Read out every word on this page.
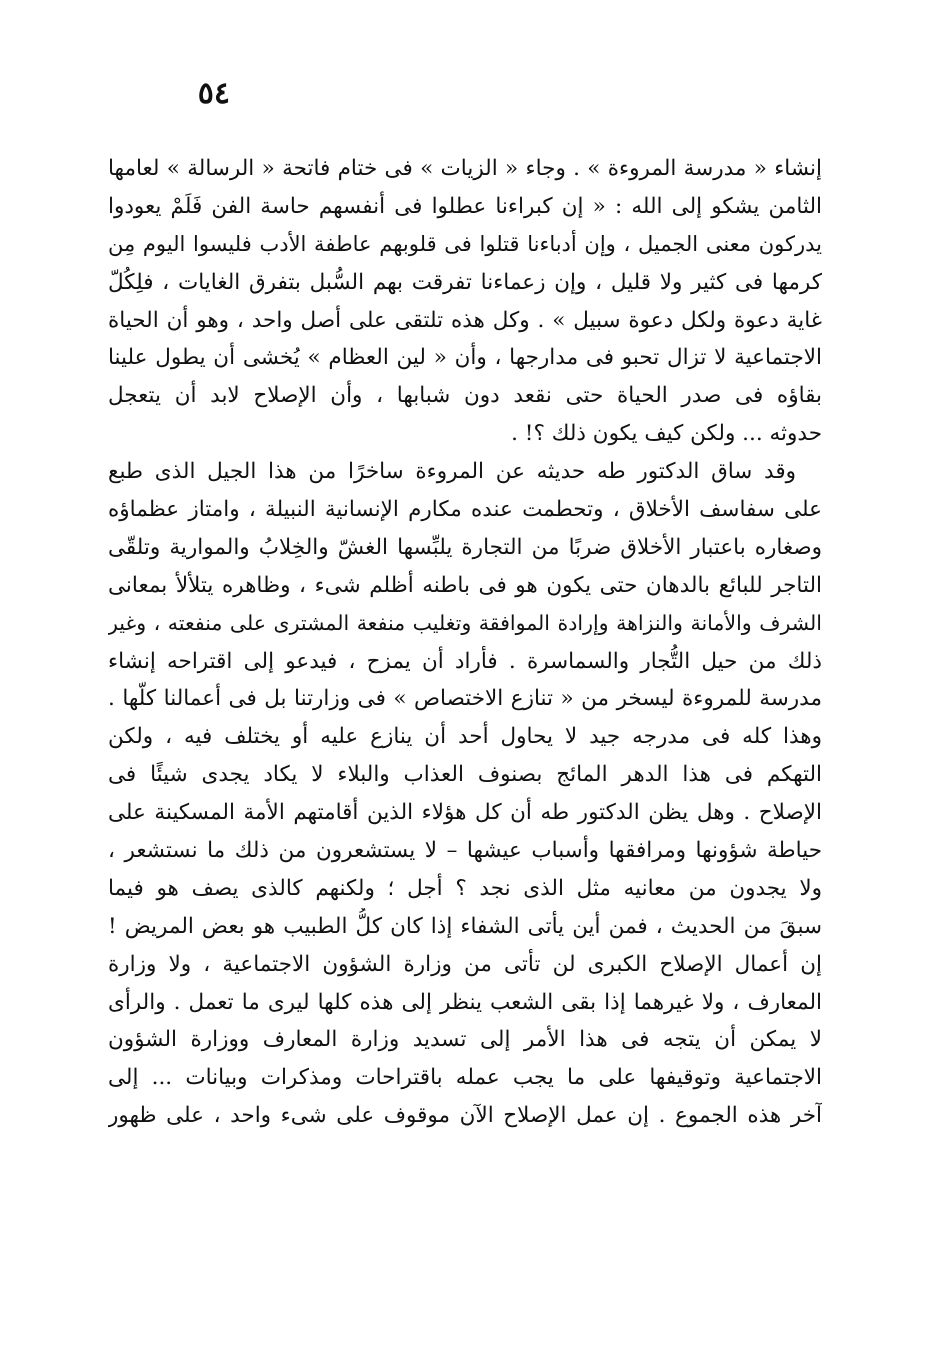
٥٤
إنشاء « مدرسة المروءة » . وجاء « الزيات » فى ختام فاتحة « الرسالة » لعامها
الثامن يشكو إلى الله : « إن كبراءنا عطلوا فى أنفسهم حاسة الفن فَلَمْ يعودوا
يدركون معنى الجميل ، وإن أدباءنا قتلوا فى قلوبهم عاطفة الأدب فليسوا اليوم مِن
كرمها فى كثير ولا قليل ، وإن زعماءنا تفرقت بهم السُّبل بتفرق الغايات ، فلِكُلّ
غاية دعوة ولكل دعوة سبيل » . وكل هذه تلتقى على أصل واحد ، وهو أن الحياة
الاجتماعية لا تزال تحبو فى مدارجها ، وأن « لين العظام » يُخشى أن يطول علينا
بقاؤه فى صدر الحياة حتى نقعد دون شبابها ، وأن الإصلاح لابد أن يتعجل
حدوثه ... ولكن كيف يكون ذلك ؟! .
وقد ساق الدكتور طه حديثه عن المروءة ساخرًا من هذا الجيل الذى طبع
على سفاسف الأخلاق ، وتحطمت عنده مكارم الإنسانية النبيلة ، وامتاز عظماؤه
وصغاره باعتبار الأخلاق ضربًا من التجارة يلبِّسها الغشّ والخِلابُ والموارية وتلقّى
التاجر للبائع بالدهان حتى يكون هو فى باطنه أظلم شىء ، وظاهره يتلألأ بمعانى
الشرف والأمانة والنزاهة وإرادة الموافقة وتغليب منفعة المشترى على منفعته ، وغير
ذلك من حيل التُّجار والسماسرة . فأراد أن يمزح ، فيدعو إلى اقتراحه إنشاء
مدرسة للمروءة ليسخر من « تنازع الاختصاص » فى وزارتنا بل فى أعمالنا كلّها .
وهذا كله فى مدرجه جيد لا يحاول أحد أن ينازع عليه أو يختلف فيه ، ولكن
التهكم فى هذا الدهر المائج بصنوف العذاب والبلاء لا يكاد يجدى شيئًا فى
الإصلاح . وهل يظن الدكتور طه أن كل هؤلاء الذين أقامتهم الأمة المسكينة على
حياطة شؤونها ومرافقها وأسباب عيشها – لا يستشعرون من ذلك ما نستشعر ،
ولا يجدون من معانيه مثل الذى نجد ؟ أجل ؛ ولكنهم كالذى يصف هو فيما
سبقَ من الحديث ، فمن أين يأتى الشفاء إذا كان كلُّ الطبيب هو بعض المريض !
إن أعمال الإصلاح الكبرى لن تأتى من وزارة الشؤون الاجتماعية ، ولا وزارة
المعارف ، ولا غيرهما إذا بقى الشعب ينظر إلى هذه كلها ليرى ما تعمل . والرأى
لا يمكن أن يتجه فى هذا الأمر إلى تسديد وزارة المعارف ووزارة الشؤون
الاجتماعية وتوقيفها على ما يجب عمله باقتراحات ومذكرات وبيانات ... إلى
آخر هذه الجموع . إن عمل الإصلاح الآن موقوف على شىء واحد ، على ظهور
